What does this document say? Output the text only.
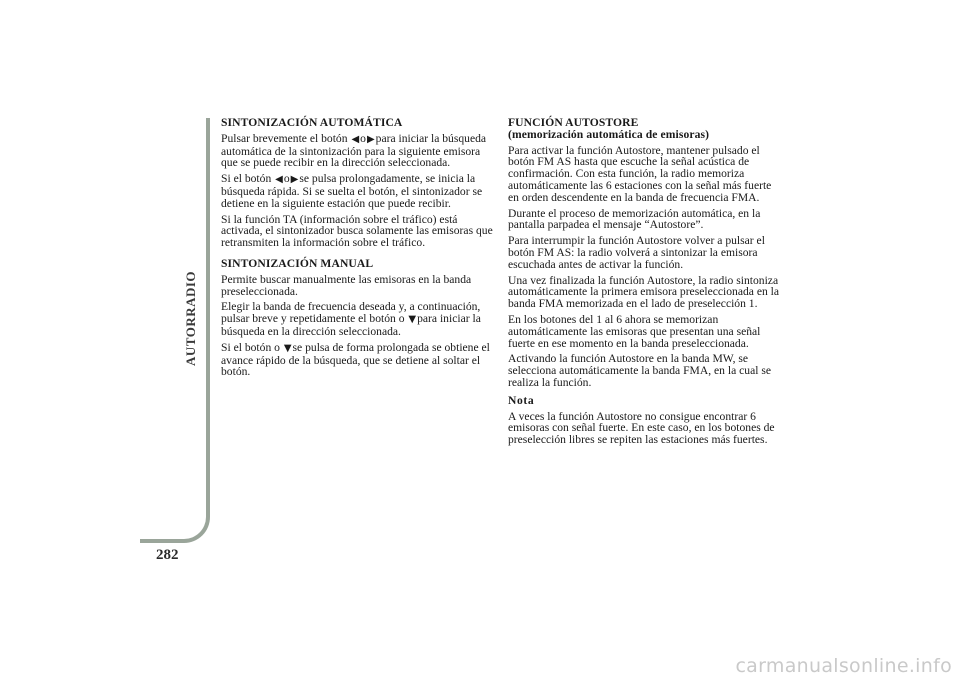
AUTORRADIO
282

SINTONIZACIÓN AUTOMÁTICA

Pulsar brevemente el botón ◀o▶para iniciar la búsqueda automática de la sintonización para la siguiente emisora que se puede recibir en la dirección seleccionada.

Si el botón ◀o▶se pulsa prolongadamente, se inicia la búsqueda rápida. Si se suelta el botón, el sintonizador se detiene en la siguiente estación que puede recibir.

Si la función TA (información sobre el tráfico) está activada, el sintonizador busca solamente las emisoras que retransmiten la información sobre el tráfico.

SINTONIZACIÓN MANUAL

Permite buscar manualmente las emisoras en la banda preseleccionada.

Elegir la banda de frecuencia deseada y, a continuación, pulsar breve y repetidamente el botón o ▼para iniciar la búsqueda en la dirección seleccionada.

Si el botón o ▼se pulsa de forma prolongada se obtiene el avance rápido de la búsqueda, que se detiene al soltar el botón.

FUNCIÓN AUTOSTORE
(memorización automática de emisoras)

Para activar la función Autostore, mantener pulsado el botón FM AS hasta que escuche la señal acústica de confirmación. Con esta función, la radio memoriza automáticamente las 6 estaciones con la señal más fuerte en orden descendente en la banda de frecuencia FMA.

Durante el proceso de memorización automática, en la pantalla parpadea el mensaje “Autostore”.

Para interrumpir la función Autostore volver a pulsar el botón FM AS: la radio volverá a sintonizar la emisora escuchada antes de activar la función.

Una vez finalizada la función Autostore, la radio sintoniza automáticamente la primera emisora preseleccionada en la banda FMA memorizada en el lado de preselección 1.

En los botones del 1 al 6 ahora se memorizan automáticamente las emisoras que presentan una señal fuerte en ese momento en la banda preseleccionada.

Activando la función Autostore en la banda MW, se selecciona automáticamente la banda FMA, en la cual se realiza la función.

Nota

A veces la función Autostore no consigue encontrar 6 emisoras con señal fuerte. En este caso, en los botones de preselección libres se repiten las estaciones más fuertes.

carmanualsonline.info
